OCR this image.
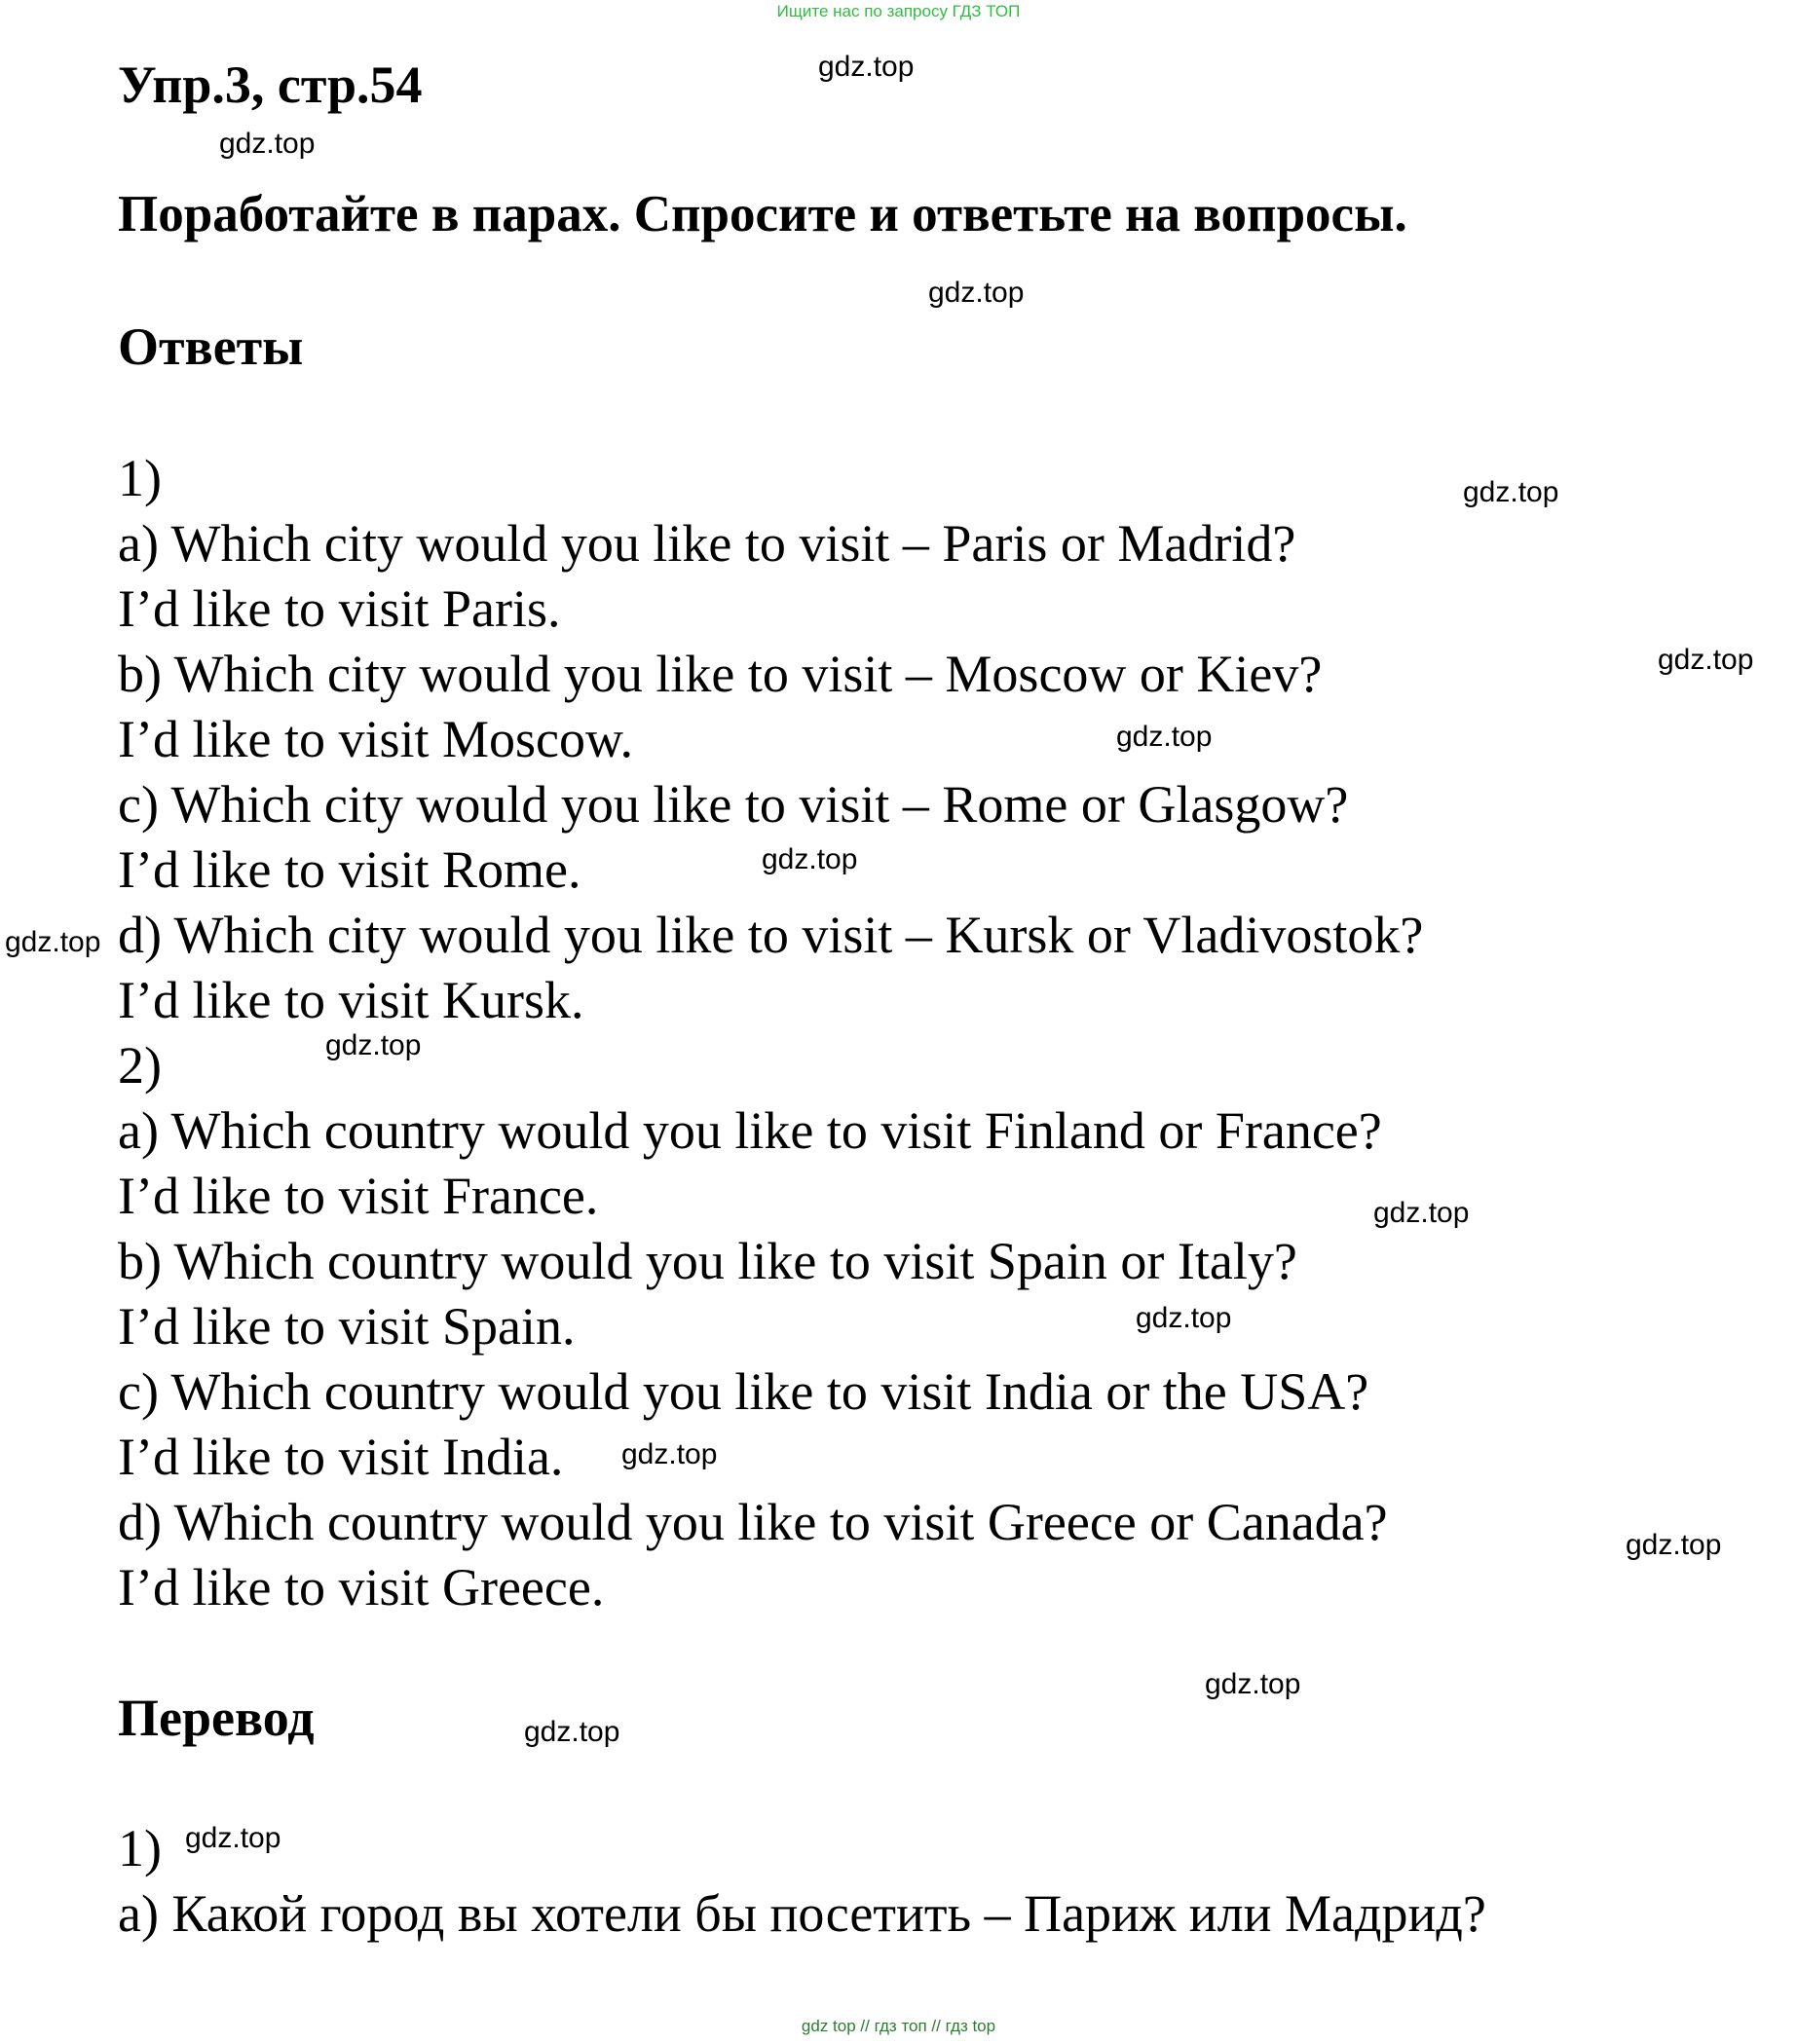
Ищите нас по запросу ГДЗ ТОП
Упр.3, стр.54
Поработайте в парах. Спросите и ответьте на вопросы.
Ответы
1)
a) Which city would you like to visit – Paris or Madrid?
I’d like to visit Paris.
b) Which city would you like to visit – Moscow or Kiev?
I’d like to visit Moscow.
c) Which city would you like to visit – Rome or Glasgow?
I’d like to visit Rome.
d) Which city would you like to visit – Kursk or Vladivostok?
I’d like to visit Kursk.
2)
a) Which country would you like to visit Finland or France?
I’d like to visit France.
b) Which country would you like to visit Spain or Italy?
I’d like to visit Spain.
c) Which country would you like to visit India or the USA?
I’d like to visit India.
d) Which country would you like to visit Greece or Canada?
I’d like to visit Greece.
Перевод
1)
а) Какой город вы хотели бы посетить – Париж или Мадрид?
gdz.top
gdz.top
gdz.top
gdz.top
gdz.top
gdz.top
gdz.top
gdz.top
gdz.top
gdz.top
gdz.top
gdz.top
gdz.top
gdz.top
gdz.top
gdz.top
gdz top // гдз топ // гдз top
